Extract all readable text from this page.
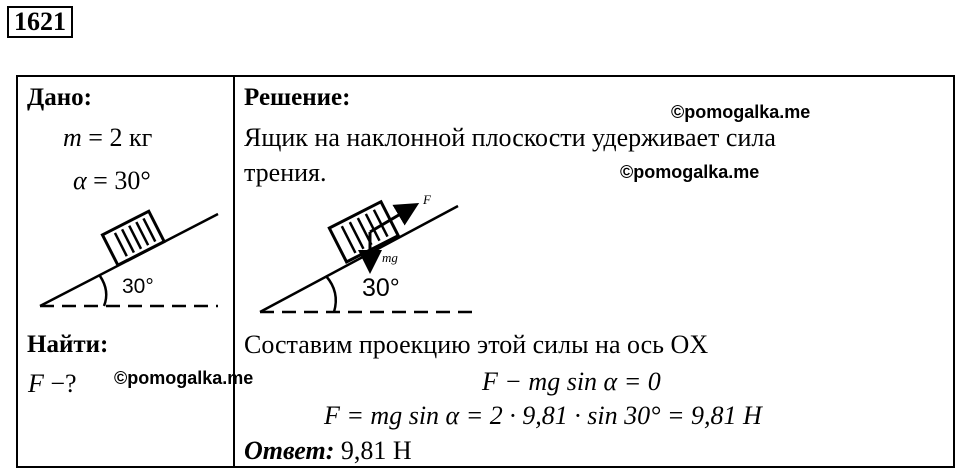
1621
Дано:
m = 2 кг
α = 30°
30°
Найти:
F −?
Решение:
Ящик на наклонной плоскости удерживает сила
трения.
F
mg
30°
Составим проекцию этой силы на ось OX
F − mg sin α = 0
F = mg sin α = 2 · 9,81 · sin 30° = 9,81 Н
Ответ: 9,81 Н
©pomogalka.me
©pomogalka.me
©pomogalka.me
